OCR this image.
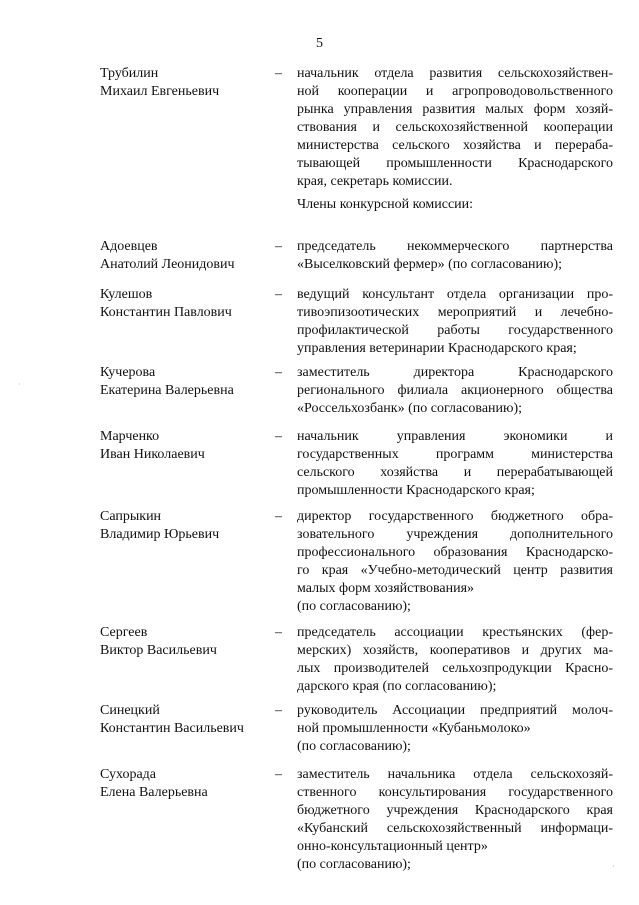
5
Члены конкурсной комиссии:
Трубилин
Михаил Евгеньевич
–	начальник отдела развития сельскохозяйствен-
ной кооперации и агропроводовольственного
рынка управления развития малых форм хозяй-
ствования и сельскохозяйственной кооперации
министерства сельского хозяйства и перераба-
тывающей промышленности Краснодарского
края, секретарь комиссии.
Адоевцев
Анатолий Леонидович
–	председатель некоммерческого партнерства
«Выселковский фермер» (по согласованию);
Кулешов
Константин Павлович
–	ведущий консультант отдела организации про-
тивоэпизоотических мероприятий и лечебно-
профилактической работы государственного
управления ветеринарии Краснодарского края;
Кучерова
Екатерина Валерьевна
–	заместитель директора Краснодарского
регионального филиала акционерного общества
«Россельхозбанк» (по согласованию);
Марченко
Иван Николаевич
–	начальник управления экономики и
государственных программ министерства
сельского хозяйства и перерабатывающей
промышленности Краснодарского края;
Сапрыкин
Владимир Юрьевич
–	директор государственного бюджетного обра-
зовательного учреждения дополнительного
профессионального образования Краснодарско-
го края «Учебно-методический центр развития
малых форм хозяйствования»
(по согласованию);
Сергеев
Виктор Васильевич
–	председатель ассоциации крестьянских (фер-
мерских) хозяйств, кооперативов и других ма-
лых производителей сельхозпродукции Красно-
дарского края (по согласованию);
Синецкий
Константин Васильевич
–	руководитель Ассоциации предприятий молоч-
ной промышленности «Кубаньмолоко»
(по согласованию);
Сухорада
Елена Валерьевна
–	заместитель начальника отдела сельскохозяй-
ственного консультирования государственного
бюджетного учреждения Краснодарского края
«Кубанский сельскохозяйственный информаци-
онно-консультационный центр»
(по согласованию);
·
·
